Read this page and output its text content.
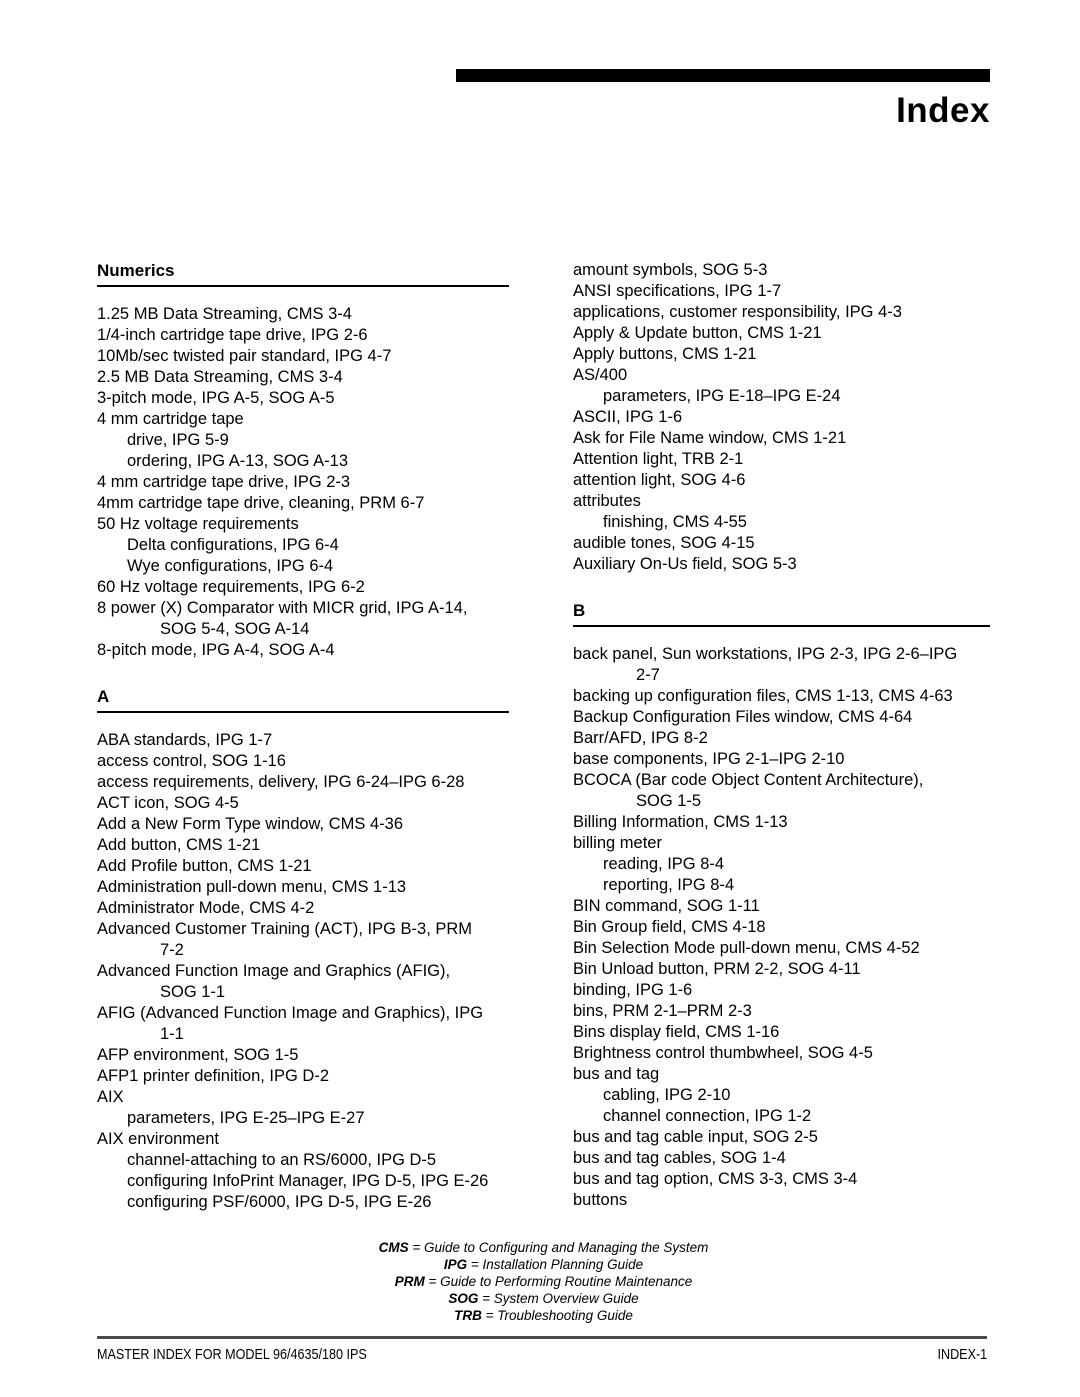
Index
Numerics
1.25 MB Data Streaming, CMS 3-4
1/4-inch cartridge tape drive, IPG 2-6
10Mb/sec twisted pair standard, IPG 4-7
2.5 MB Data Streaming, CMS 3-4
3-pitch mode, IPG A-5, SOG A-5
4 mm cartridge tape
drive, IPG 5-9
ordering, IPG A-13, SOG A-13
4 mm cartridge tape drive, IPG 2-3
4mm cartridge tape drive, cleaning, PRM 6-7
50 Hz voltage requirements
Delta configurations, IPG 6-4
Wye configurations, IPG 6-4
60 Hz voltage requirements, IPG 6-2
8 power (X) Comparator with MICR grid, IPG A-14,
SOG 5-4, SOG A-14
8-pitch mode, IPG A-4, SOG A-4
A
ABA standards, IPG 1-7
access control, SOG 1-16
access requirements, delivery, IPG 6-24–IPG 6-28
ACT icon, SOG 4-5
Add a New Form Type window, CMS 4-36
Add button, CMS 1-21
Add Profile button, CMS 1-21
Administration pull-down menu, CMS 1-13
Administrator Mode, CMS 4-2
Advanced Customer Training (ACT), IPG B-3, PRM
7-2
Advanced Function Image and Graphics (AFIG),
SOG 1-1
AFIG (Advanced Function Image and Graphics), IPG
1-1
AFP environment, SOG 1-5
AFP1 printer definition, IPG D-2
AIX
parameters, IPG E-25–IPG E-27
AIX environment
channel-attaching to an RS/6000, IPG D-5
configuring InfoPrint Manager, IPG D-5, IPG E-26
configuring PSF/6000, IPG D-5, IPG E-26
amount symbols, SOG 5-3
ANSI specifications, IPG 1-7
applications, customer responsibility, IPG 4-3
Apply & Update button, CMS 1-21
Apply buttons, CMS 1-21
AS/400
parameters, IPG E-18–IPG E-24
ASCII, IPG 1-6
Ask for File Name window, CMS 1-21
Attention light, TRB 2-1
attention light, SOG 4-6
attributes
finishing, CMS 4-55
audible tones, SOG 4-15
Auxiliary On-Us field, SOG 5-3
B
back panel, Sun workstations, IPG 2-3, IPG 2-6–IPG
2-7
backing up configuration files, CMS 1-13, CMS 4-63
Backup Configuration Files window, CMS 4-64
Barr/AFD, IPG 8-2
base components, IPG 2-1–IPG 2-10
BCOCA (Bar code Object Content Architecture),
SOG 1-5
Billing Information, CMS 1-13
billing meter
reading, IPG 8-4
reporting, IPG 8-4
BIN command, SOG 1-11
Bin Group field, CMS 4-18
Bin Selection Mode pull-down menu, CMS 4-52
Bin Unload button, PRM 2-2, SOG 4-11
binding, IPG 1-6
bins, PRM 2-1–PRM 2-3
Bins display field, CMS 1-16
Brightness control thumbwheel, SOG 4-5
bus and tag
cabling, IPG 2-10
channel connection, IPG 1-2
bus and tag cable input, SOG 2-5
bus and tag cables, SOG 1-4
bus and tag option, CMS 3-3, CMS 3-4
buttons
CMS = Guide to Configuring and Managing the System
IPG = Installation Planning Guide
PRM = Guide to Performing Routine Maintenance
SOG = System Overview Guide
TRB = Troubleshooting Guide
MASTER INDEX FOR MODEL 96/4635/180 IPS	INDEX-1
